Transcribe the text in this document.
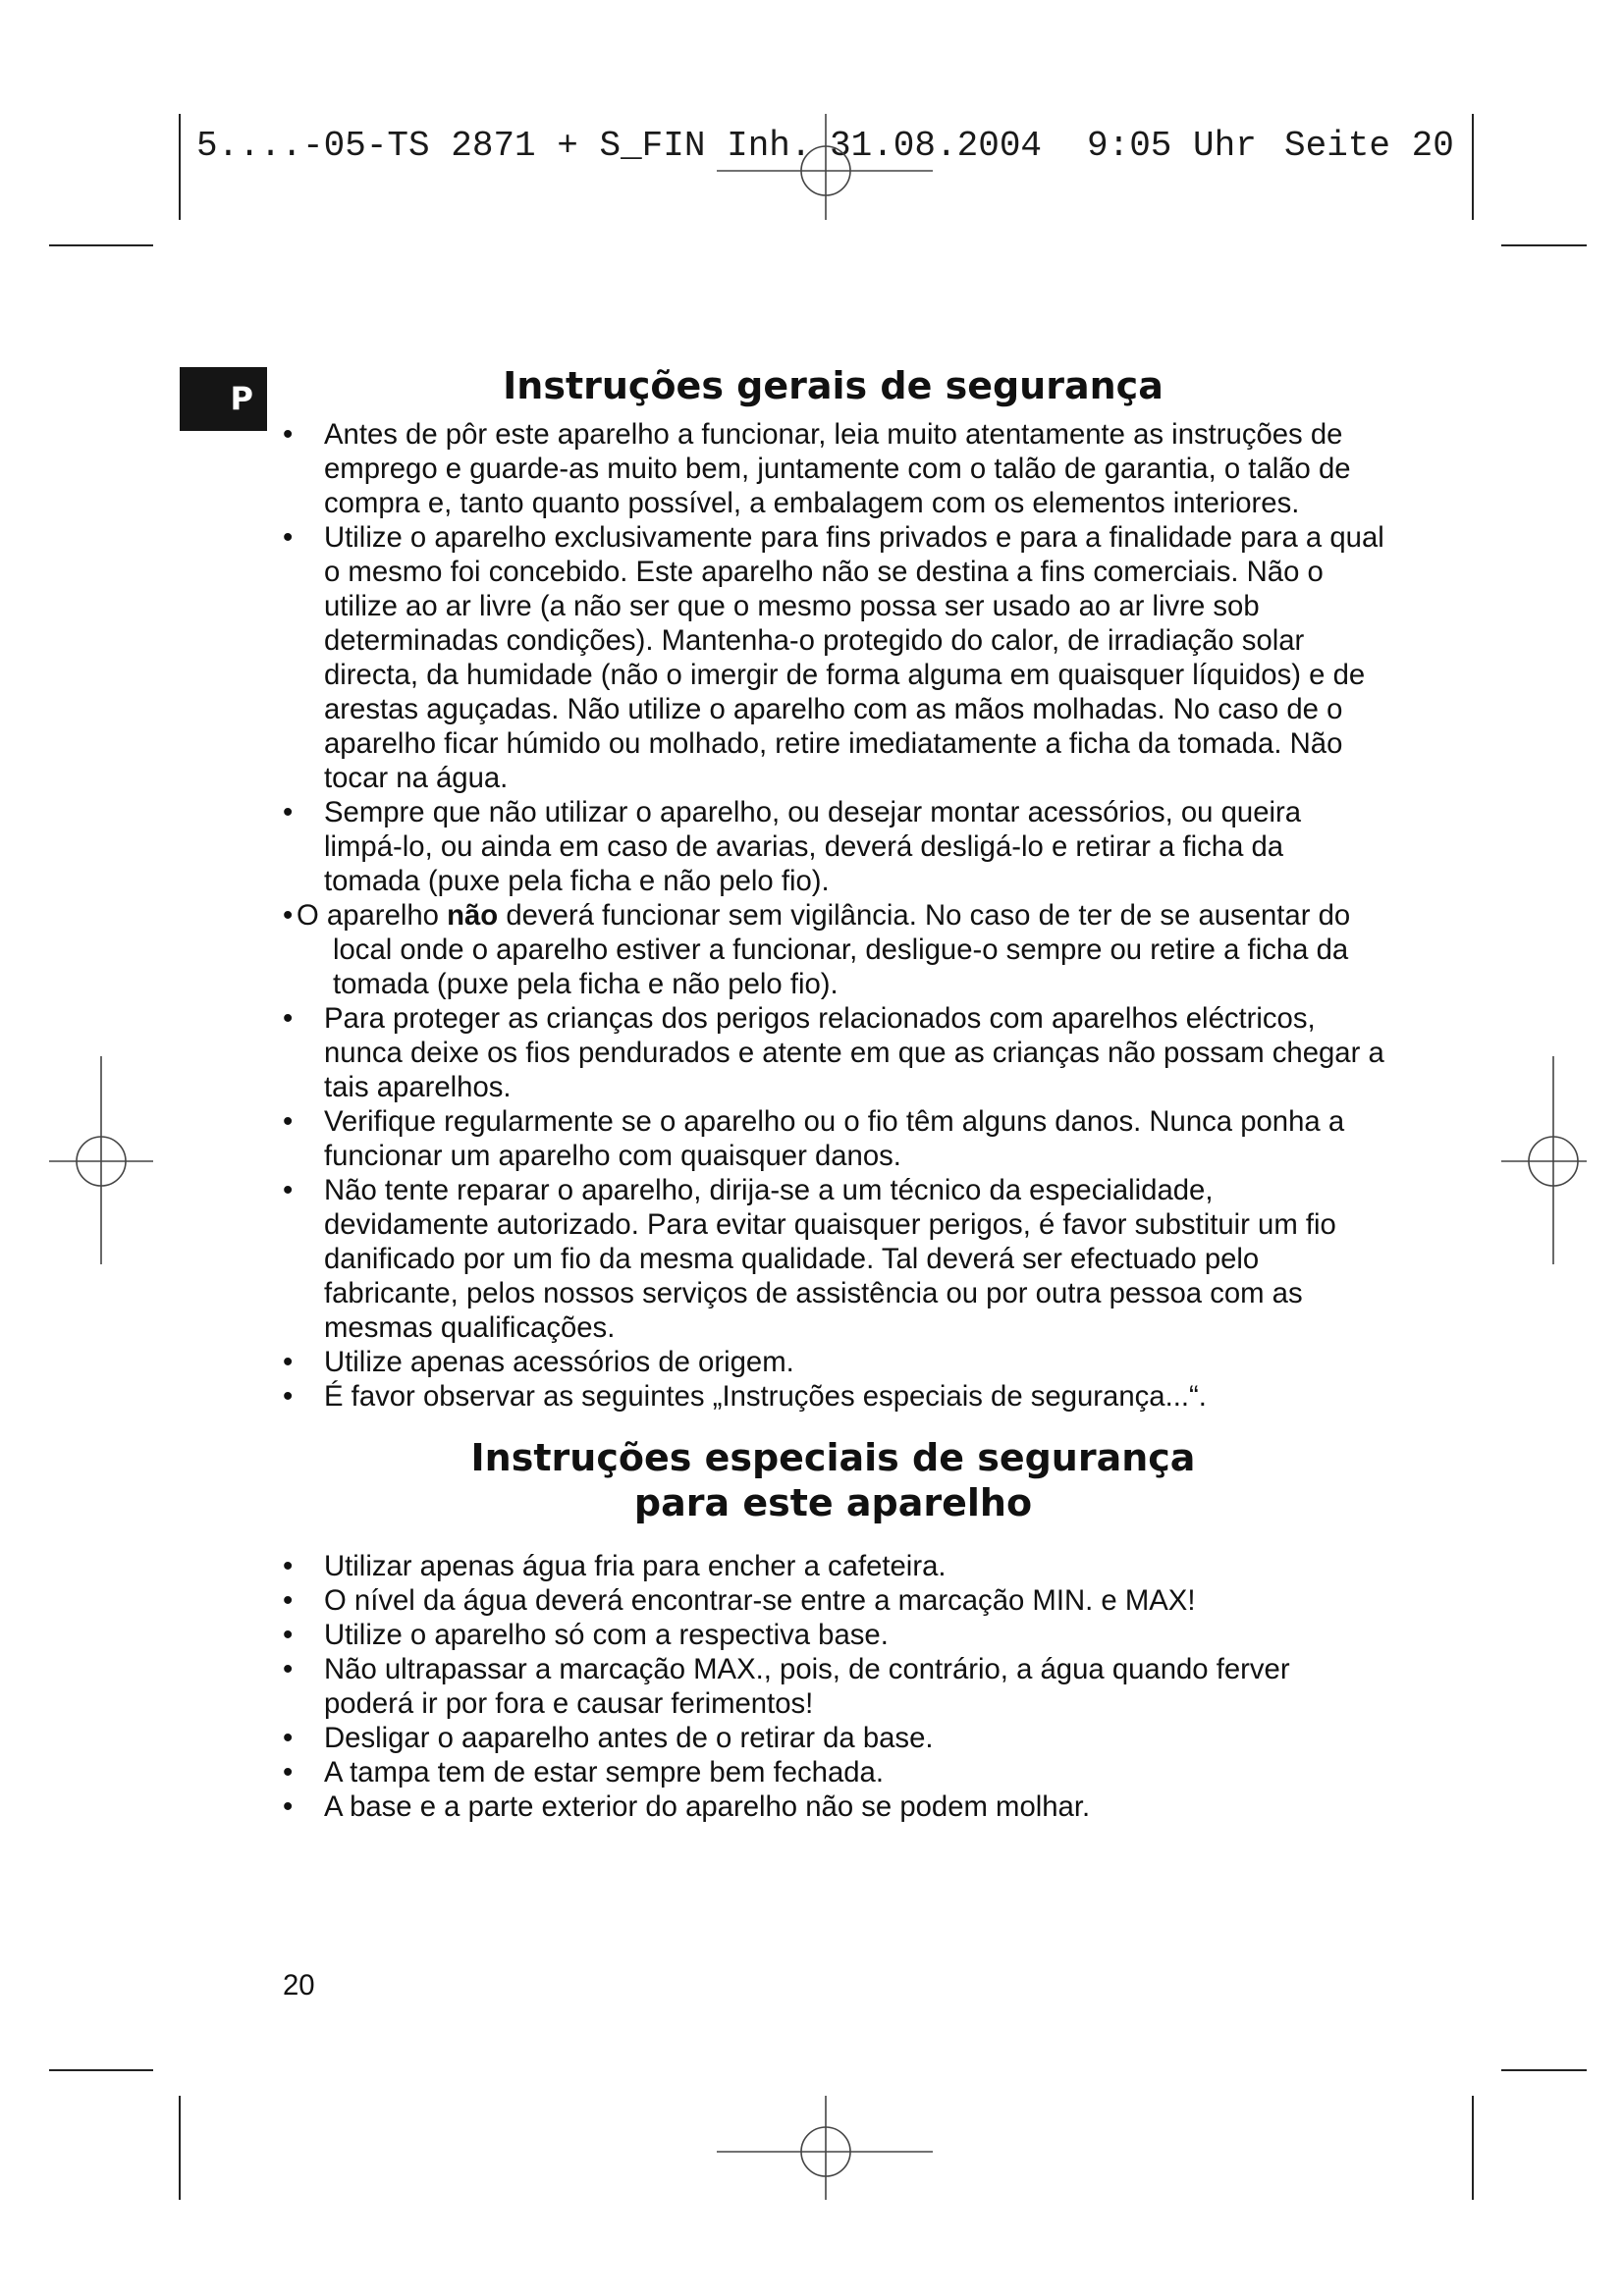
5....-05-TS 2871 + S_FIN Inh.

31.08.2004

9:05 Uhr

Seite 20

P	Instruções gerais de segurança
• Antes de pôr este aparelho a funcionar, leia muito atentamente as instruções de emprego e guarde-as muito bem, juntamente com o talão de garantia, o talão de compra e, tanto quanto possível, a embalagem com os elementos interiores.
• Utilize o aparelho exclusivamente para fins privados e para a finalidade para a qual o mesmo foi concebido. Este aparelho não se destina a fins comerciais. Não o utilize ao ar livre (a não ser que o mesmo possa ser usado ao ar livre sob determinadas condições). Mantenha-o protegido do calor, de irradiação solar directa, da humidade (não o imergir de forma alguma em quaisquer líquidos) e de arestas aguçadas. Não utilize o aparelho com as mãos molhadas. No caso de o aparelho ficar húmido ou molhado, retire imediatamente a ficha da tomada. Não tocar na água.
• Sempre que não utilizar o aparelho, ou desejar montar acessórios, ou queira limpá-lo, ou ainda em caso de avarias, deverá desligá-lo e retirar a ficha da tomada (puxe pela ficha e não pelo fio).
• O aparelho não deverá funcionar sem vigilância. No caso de ter de se ausentar do local onde o aparelho estiver a funcionar, desligue-o sempre ou retire a ficha da tomada (puxe pela ficha e não pelo fio).
• Para proteger as crianças dos perigos relacionados com aparelhos eléctricos, nunca deixe os fios pendurados e atente em que as crianças não possam chegar a tais aparelhos.
• Verifique regularmente se o aparelho ou o fio têm alguns danos. Nunca ponha a funcionar um aparelho com quaisquer danos.
• Não tente reparar o aparelho, dirija-se a um técnico da especialidade, devidamente autorizado. Para evitar quaisquer perigos, é favor substituir um fio danificado por um fio da mesma qualidade. Tal deverá ser efectuado pelo fabricante, pelos nossos serviços de assistência ou por outra pessoa com as mesmas qualificações.
• Utilize apenas acessórios de origem.
• É favor observar as seguintes „Instruções especiais de segurança...“.
Instruções especiais de segurança
para este aparelho
• Utilizar apenas água fria para encher a cafeteira.
• O nível da água deverá encontrar-se entre a marcação MIN. e MAX!
• Utilize o aparelho só com a respectiva base.
• Não ultrapassar a marcação MAX., pois, de contrário, a água quando ferver poderá ir por fora e causar ferimentos!
• Desligar o aaparelho antes de o retirar da base.
• A tampa tem de estar sempre bem fechada.
• A base e a parte exterior do aparelho não se podem molhar.
20
